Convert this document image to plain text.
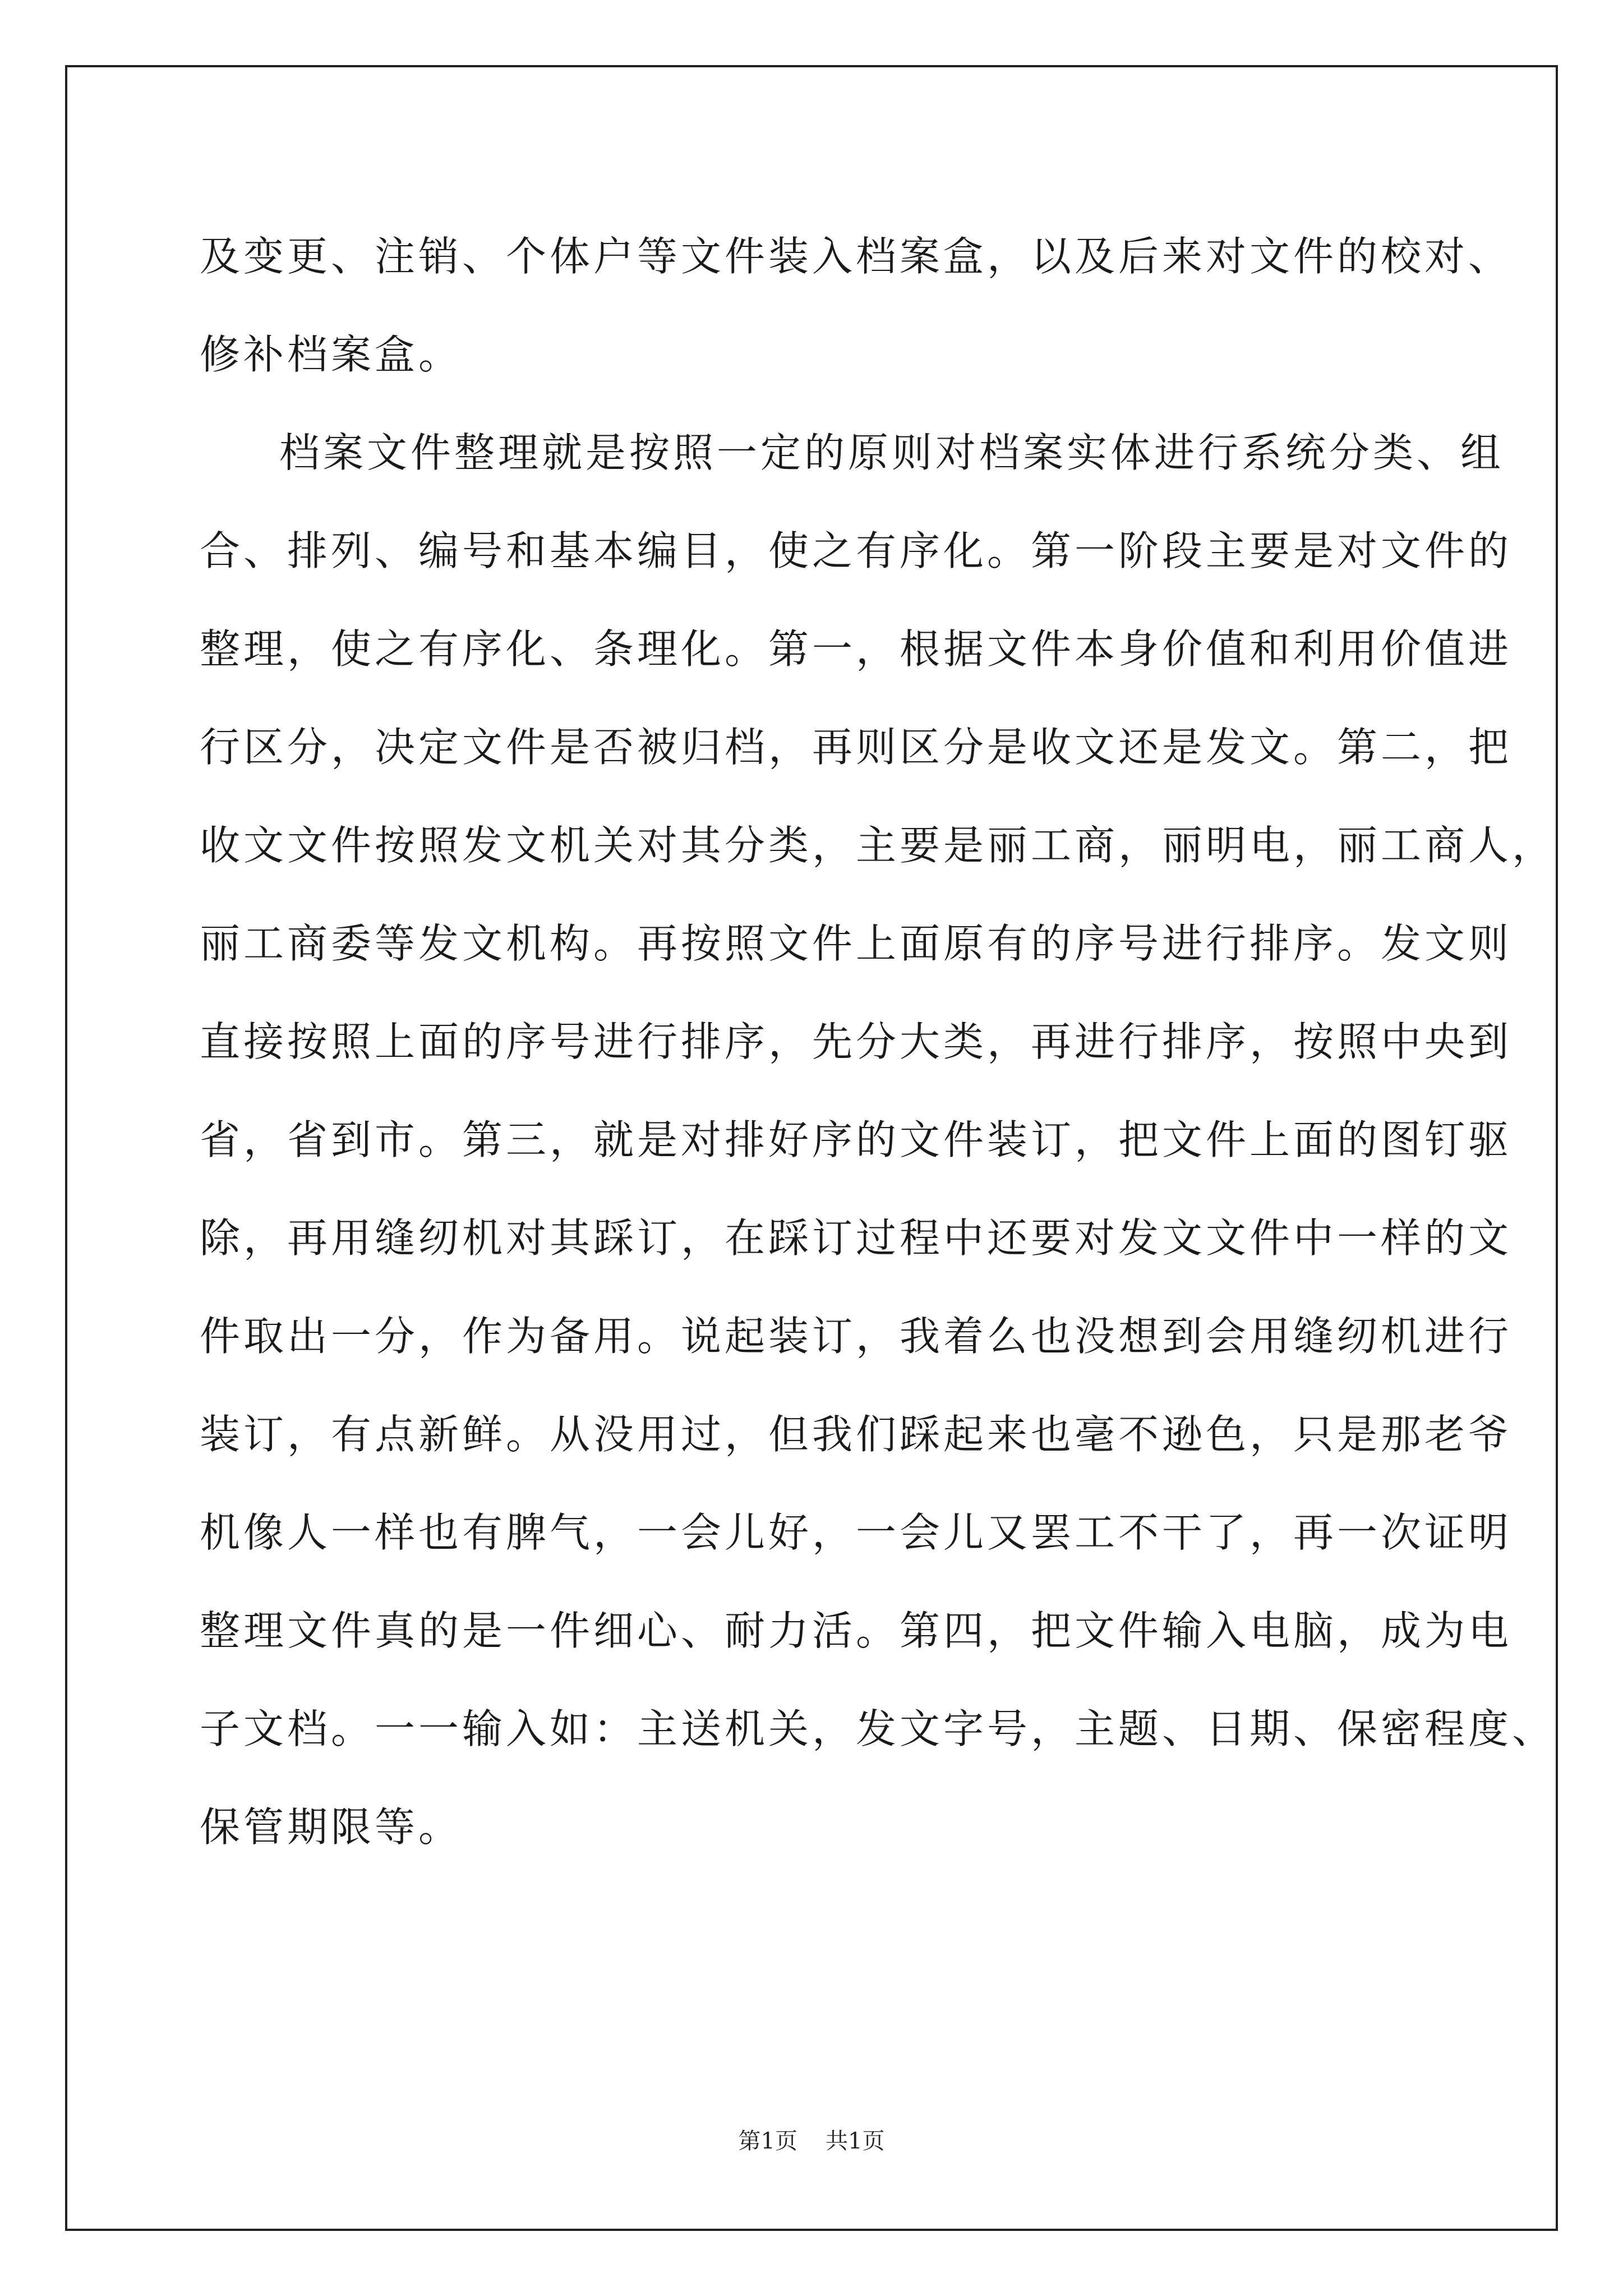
及变更、注销、个体户等文件装入档案盒，以及后来对文件的校对、
修补档案盒。
档案文件整理就是按照一定的原则对档案实体进行系统分类、组
合、排列、编号和基本编目，使之有序化。第一阶段主要是对文件的
整理，使之有序化、条理化。第一，根据文件本身价值和利用价值进
行区分，决定文件是否被归档，再则区分是收文还是发文。第二，把
收文文件按照发文机关对其分类，主要是丽工商，丽明电，丽工商人，
丽工商委等发文机构。再按照文件上面原有的序号进行排序。发文则
直接按照上面的序号进行排序，先分大类，再进行排序，按照中央到
省，省到市。第三，就是对排好序的文件装订，把文件上面的图钉驱
除，再用缝纫机对其踩订，在踩订过程中还要对发文文件中一样的文
件取出一分，作为备用。说起装订，我着么也没想到会用缝纫机进行
装订，有点新鲜。从没用过，但我们踩起来也毫不逊色，只是那老爷
机像人一样也有脾气，一会儿好，一会儿又罢工不干了，再一次证明
整理文件真的是一件细心、耐力活。第四，把文件输入电脑，成为电
子文档。一一输入如：主送机关，发文字号，主题、日期、保密程度、
保管期限等。
第1页 共1页
